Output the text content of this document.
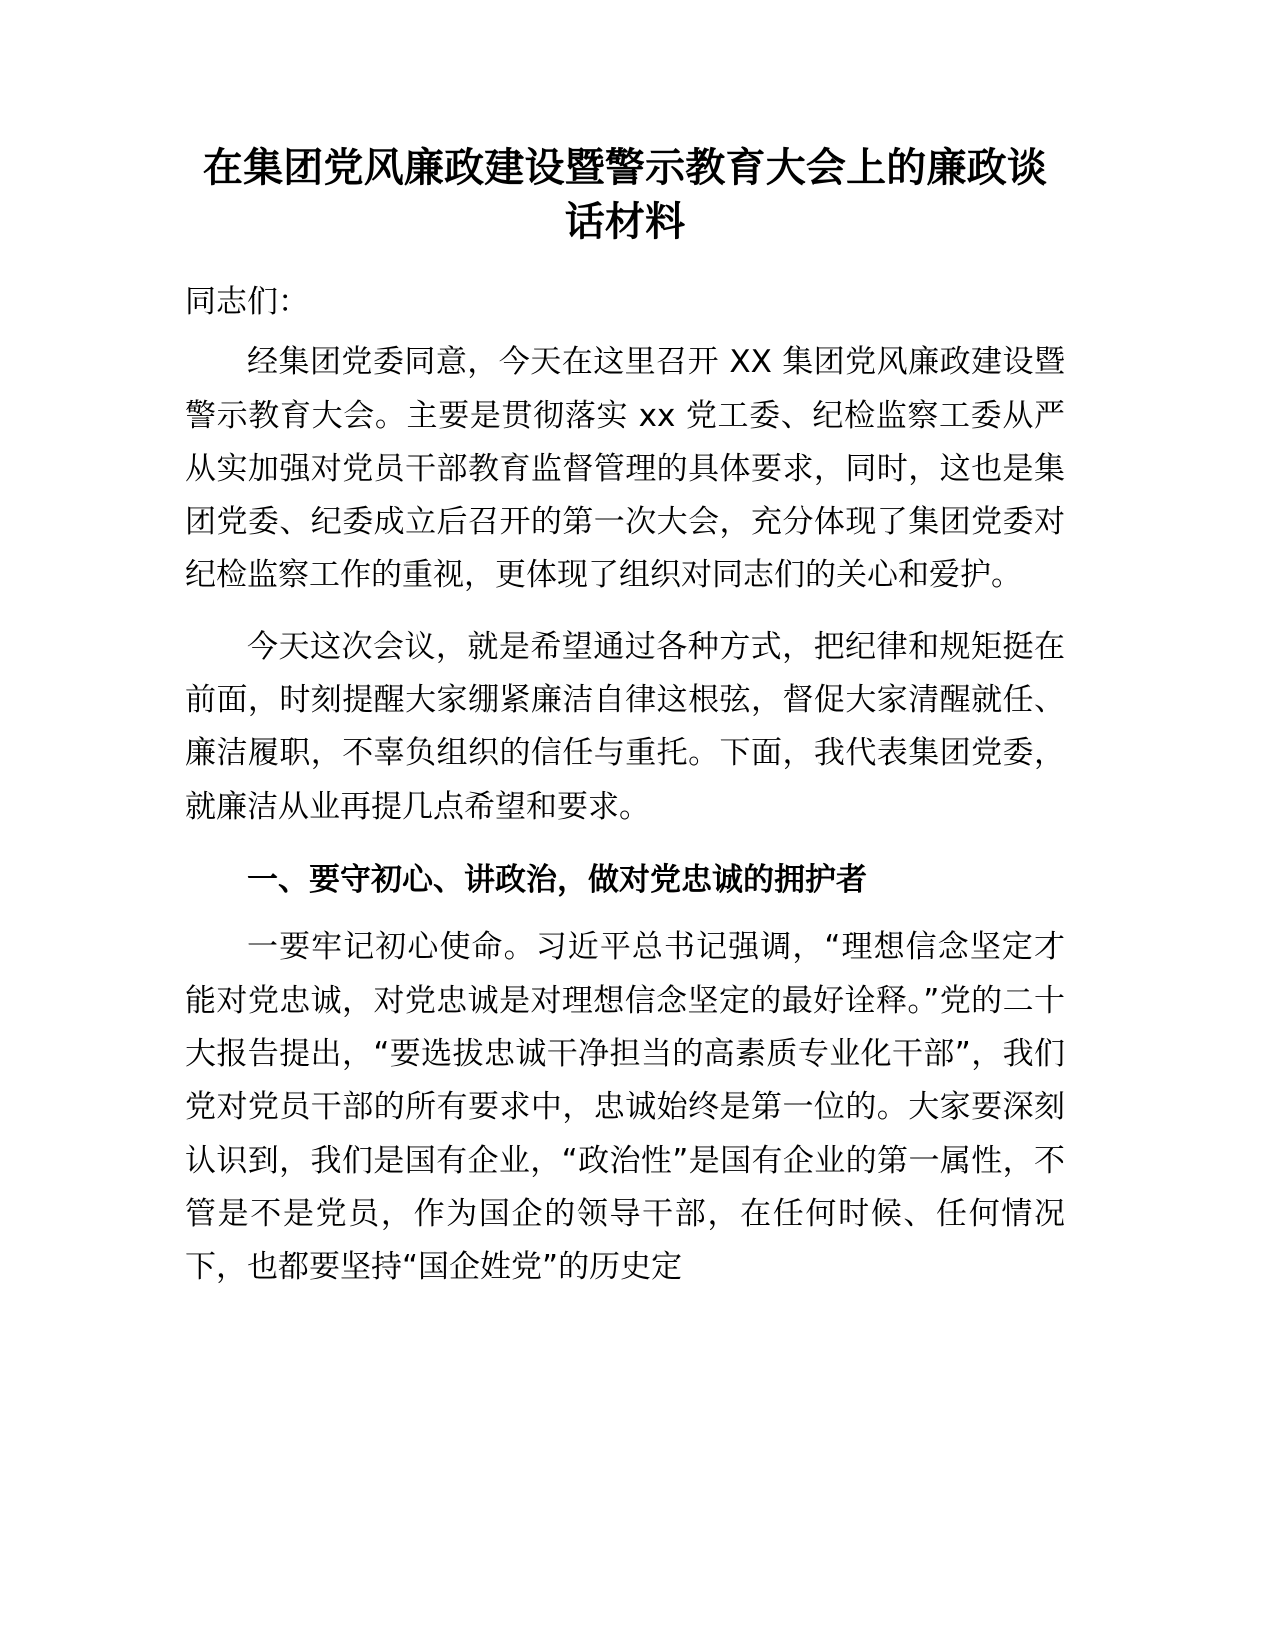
在集团党风廉政建设暨警示教育大会上的廉政谈话材料

同志们：

经集团党委同意，今天在这里召开 XX 集团党风廉政建设暨警示教育大会。主要是贯彻落实 xx 党工委、纪检监察工委从严从实加强对党员干部教育监督管理的具体要求，同时，这也是集团党委、纪委成立后召开的第一次大会，充分体现了集团党委对纪检监察工作的重视，更体现了组织对同志们的关心和爱护。

今天这次会议，就是希望通过各种方式，把纪律和规矩挺在前面，时刻提醒大家绷紧廉洁自律这根弦，督促大家清醒就任、廉洁履职，不辜负组织的信任与重托。下面，我代表集团党委，就廉洁从业再提几点希望和要求。

一、要守初心、讲政治，做对党忠诚的拥护者

一要牢记初心使命。习近平总书记强调，“理想信念坚定才能对党忠诚，对党忠诚是对理想信念坚定的最好诠释。”党的二十大报告提出，“要选拔忠诚干净担当的高素质专业化干部”，我们党对党员干部的所有要求中，忠诚始终是第一位的。大家要深刻认识到，我们是国有企业，“政治性”是国有企业的第一属性，不管是不是党员，作为国企的领导干部，在任何时候、任何情况下，也都要坚持“国企姓党”的历史定
